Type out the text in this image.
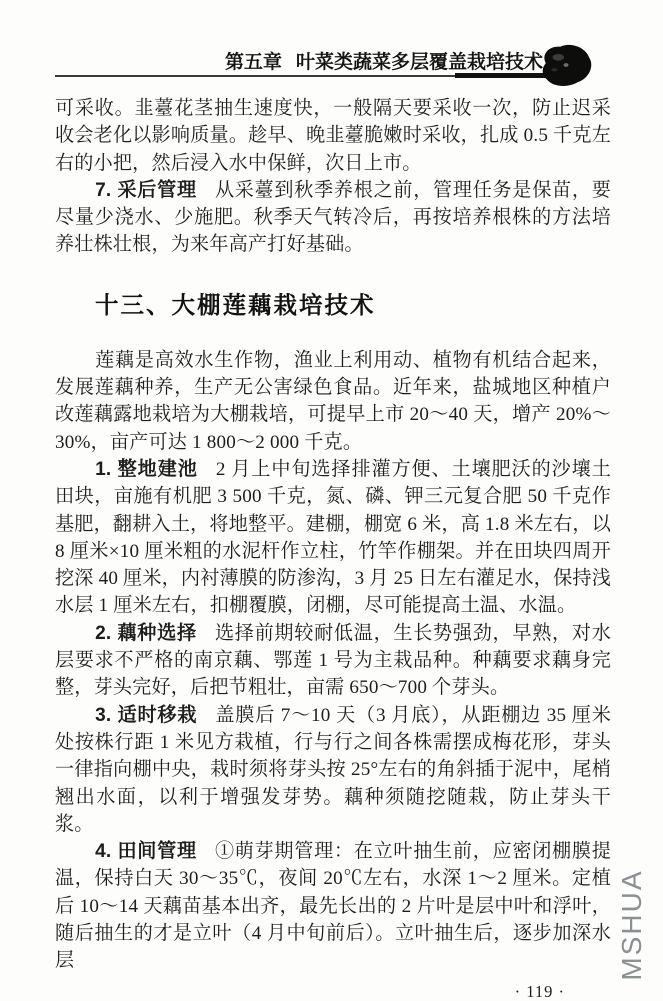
第五章 叶菜类蔬菜多层覆盖栽培技术

可采收。韭薹花茎抽生速度快，一般隔天要采收一次，防止迟采收会老化以影响质量。趁早、晚韭薹脆嫩时采收，扎成 0.5 千克左右的小把，然后浸入水中保鲜，次日上市。

7. 采后管理 从采薹到秋季养根之前，管理任务是保苗，要尽量少浇水、少施肥。秋季天气转冷后，再按培养根株的方法培养壮株壮根，为来年高产打好基础。

十三、大棚莲藕栽培技术

莲藕是高效水生作物，渔业上利用动、植物有机结合起来，发展莲藕种养，生产无公害绿色食品。近年来，盐城地区种植户改莲藕露地栽培为大棚栽培，可提早上市 20～40 天，增产 20%～30%，亩产可达 1 800～2 000 千克。

1. 整地建池 2 月上中旬选择排灌方便、土壤肥沃的沙壤土田块，亩施有机肥 3 500 千克，氮、磷、钾三元复合肥 50 千克作基肥，翻耕入土，将地整平。建棚，棚宽 6 米，高 1.8 米左右，以 8 厘米×10 厘米粗的水泥杆作立柱，竹竿作棚架。并在田块四周开挖深 40 厘米，内衬薄膜的防渗沟，3 月 25 日左右灌足水，保持浅水层 1 厘米左右，扣棚覆膜，闭棚，尽可能提高土温、水温。

2. 藕种选择 选择前期较耐低温，生长势强劲，早熟，对水层要求不严格的南京藕、鄂莲 1 号为主栽品种。种藕要求藕身完整，芽头完好，后把节粗壮，亩需 650～700 个芽头。

3. 适时移栽 盖膜后 7～10 天（3 月底），从距棚边 35 厘米处按株行距 1 米见方栽植，行与行之间各株需摆成梅花形，芽头一律指向棚中央，栽时须将芽头按 25°左右的角斜插于泥中，尾梢翘出水面，以利于增强发芽势。藕种须随挖随栽，防止芽头干浆。

4. 田间管理 ①萌芽期管理：在立叶抽生前，应密闭棚膜提温，保持白天 30～35℃，夜间 20℃左右，水深 1～2 厘米。定植后 10～14 天藕苗基本出齐，最先长出的 2 片叶是层中叶和浮叶，随后抽生的才是立叶（4 月中旬前后）。立叶抽生后，逐步加深水层

· 119 ·
MSHUA
